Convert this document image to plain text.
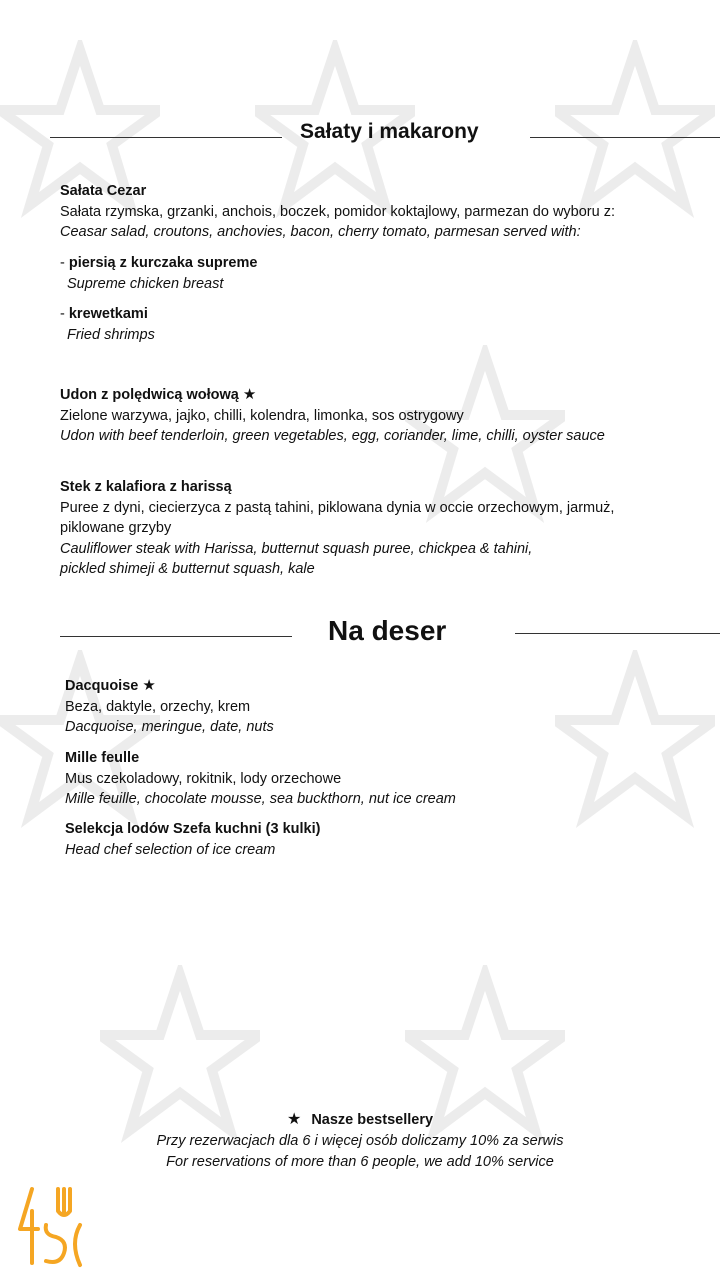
Sałaty i makarony
Sałata Cezar
Sałata rzymska, grzanki, anchois, boczek, pomidor koktajlowy, parmezan do wyboru z:
Ceasar salad, croutons, anchovies, bacon, cherry tomato, parmesan served with:
- piersią z kurczaka supreme
Supreme chicken breast
- krewetkami
Fried shrimps
Udon z polędwicą wołową ★
Zielone warzywa, jajko, chilli, kolendra, limonka, sos ostrygowy
Udon with beef tenderloin, green vegetables, egg, coriander, lime, chilli, oyster sauce
Stek z kalafiora z harissą
Puree z dyni, ciecierzyca z pastą tahini, piklowana dynia w occie orzechowym, jarmuż,
piklowane grzyby
Cauliflower steak with Harissa, butternut squash puree, chickpea & tahini,
pickled shimeji & butternut squash, kale
Na deser
Dacquoise ★
Beza, daktyle, orzechy, krem
Dacquoise, meringue, date, nuts
Mille feulle
Mus czekoladowy, rokitnik, lody orzechowe
Mille feuille, chocolate mousse, sea buckthorn, nut ice cream
Selekcja lodów Szefa kuchni (3 kulki)
Head chef selection of ice cream
★ Nasze bestsellery
Przy rezerwacjach dla 6 i więcej osób doliczamy 10% za serwis
For reservations of more than 6 people, we add 10% service
